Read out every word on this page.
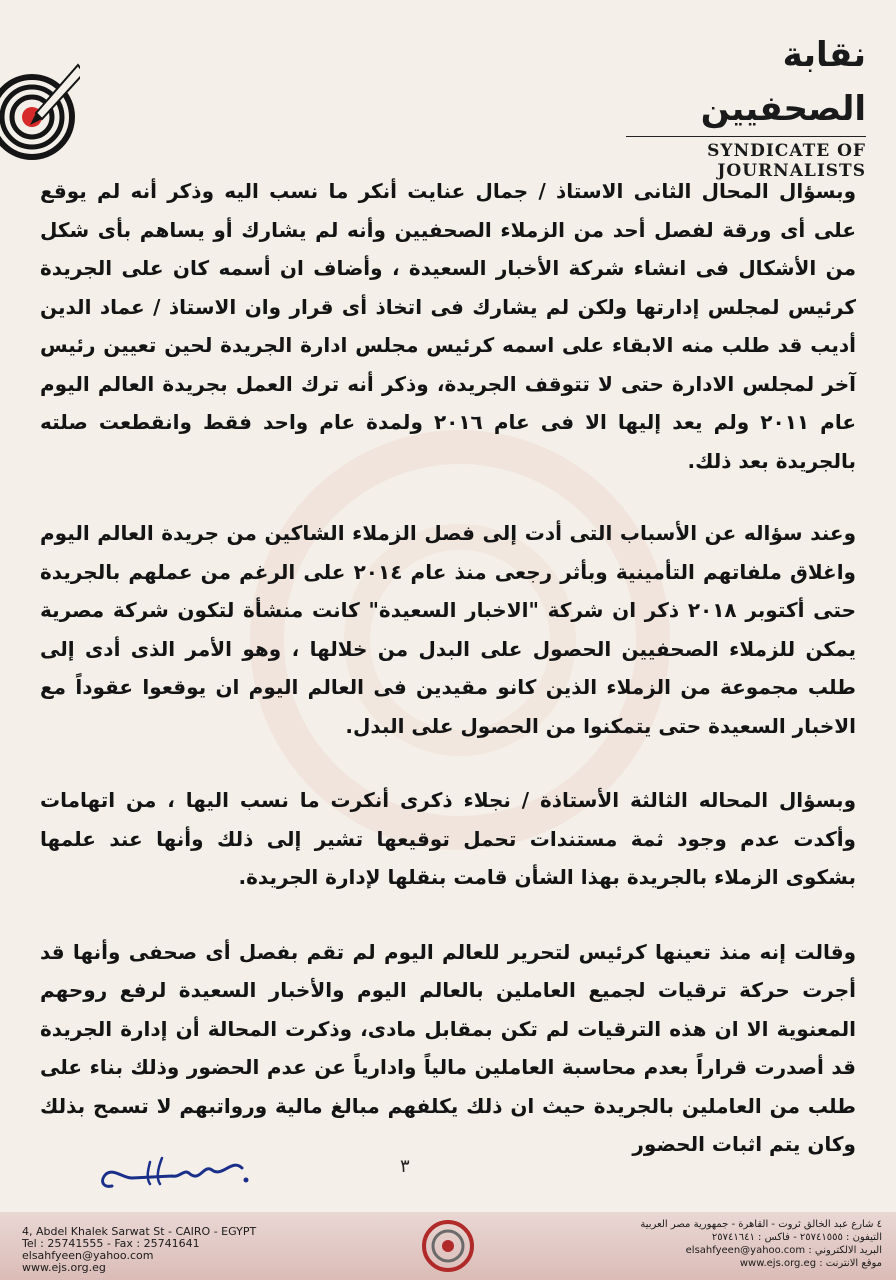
نقابة الصحفيين
SYNDICATE OF JOURNALISTS

وبسؤال المحال الثانى الاستاذ / جمال عنايت أنكر ما نسب اليه وذكر أنه لم يوقع على أى ورقة لفصل أحد من الزملاء الصحفيين وأنه لم يشارك أو يساهم بأى شكل من الأشكال فى انشاء شركة الأخبار السعيدة ، وأضاف ان أسمه كان على الجريدة كرئيس لمجلس إدارتها ولكن لم يشارك فى اتخاذ أى قرار وان الاستاذ / عماد الدين أديب قد طلب منه الابقاء على اسمه كرئيس مجلس ادارة الجريدة لحين تعيين رئيس آخر لمجلس الادارة حتى لا تتوقف الجريدة، وذكر أنه ترك العمل بجريدة العالم اليوم عام ٢٠١١ ولم يعد إليها الا فى عام ٢٠١٦ ولمدة عام واحد فقط وانقطعت صلته بالجريدة بعد ذلك.

وعند سؤاله عن الأسباب التى أدت إلى فصل الزملاء الشاكين من جريدة العالم اليوم واغلاق ملفاتهم التأمينية وبأثر رجعى منذ عام ٢٠١٤ على الرغم من عملهم بالجريدة حتى أكتوبر ٢٠١٨ ذكر ان شركة "الاخبار السعيدة" كانت منشأة لتكون شركة مصرية يمكن للزملاء الصحفيين الحصول على البدل من خلالها ، وهو الأمر الذى أدى إلى طلب مجموعة من الزملاء الذين كانو مقيدين فى العالم اليوم ان يوقعوا عقوداً مع الاخبار السعيدة حتى يتمكنوا من الحصول على البدل.

وبسؤال المحاله الثالثة الأستاذة / نجلاء ذكرى أنكرت ما نسب اليها ، من اتهامات وأكدت عدم وجود ثمة مستندات تحمل توقيعها تشير إلى ذلك وأنها عند علمها بشكوى الزملاء بالجريدة بهذا الشأن قامت بنقلها لإدارة الجريدة.

وقالت إنه منذ تعينها كرئيس لتحرير للعالم اليوم لم تقم بفصل أى صحفى وأنها قد أجرت حركة ترقيات لجميع العاملين بالعالم اليوم والأخبار السعيدة لرفع روحهم المعنوية الا ان هذه الترقيات لم تكن بمقابل مادى، وذكرت المحالة أن إدارة الجريدة قد أصدرت قراراً بعدم محاسبة العاملين مالياً وادارياً عن عدم الحضور وذلك بناء على طلب من العاملين بالجريدة حيث ان ذلك يكلفهم مبالغ مالية ورواتبهم لا تسمح بذلك وكان يتم اثبات الحضور

٣
4, Abdel Khalek Sarwat St - CAIRO - EGYPT
Tel : 25741555 - Fax : 25741641
elsahfyeen@yahoo.com
www.ejs.org.eg
٤ شارع عبد الخالق ثروت - القاهرة - جمهورية مصر العربية
التيفون : ٢٥٧٤١٥٥٥ - فاكس : ٢٥٧٤١٦٤١
البريد الالكتروني : elsahfyeen@yahoo.com
موقع الانترنت : www.ejs.org.eg
